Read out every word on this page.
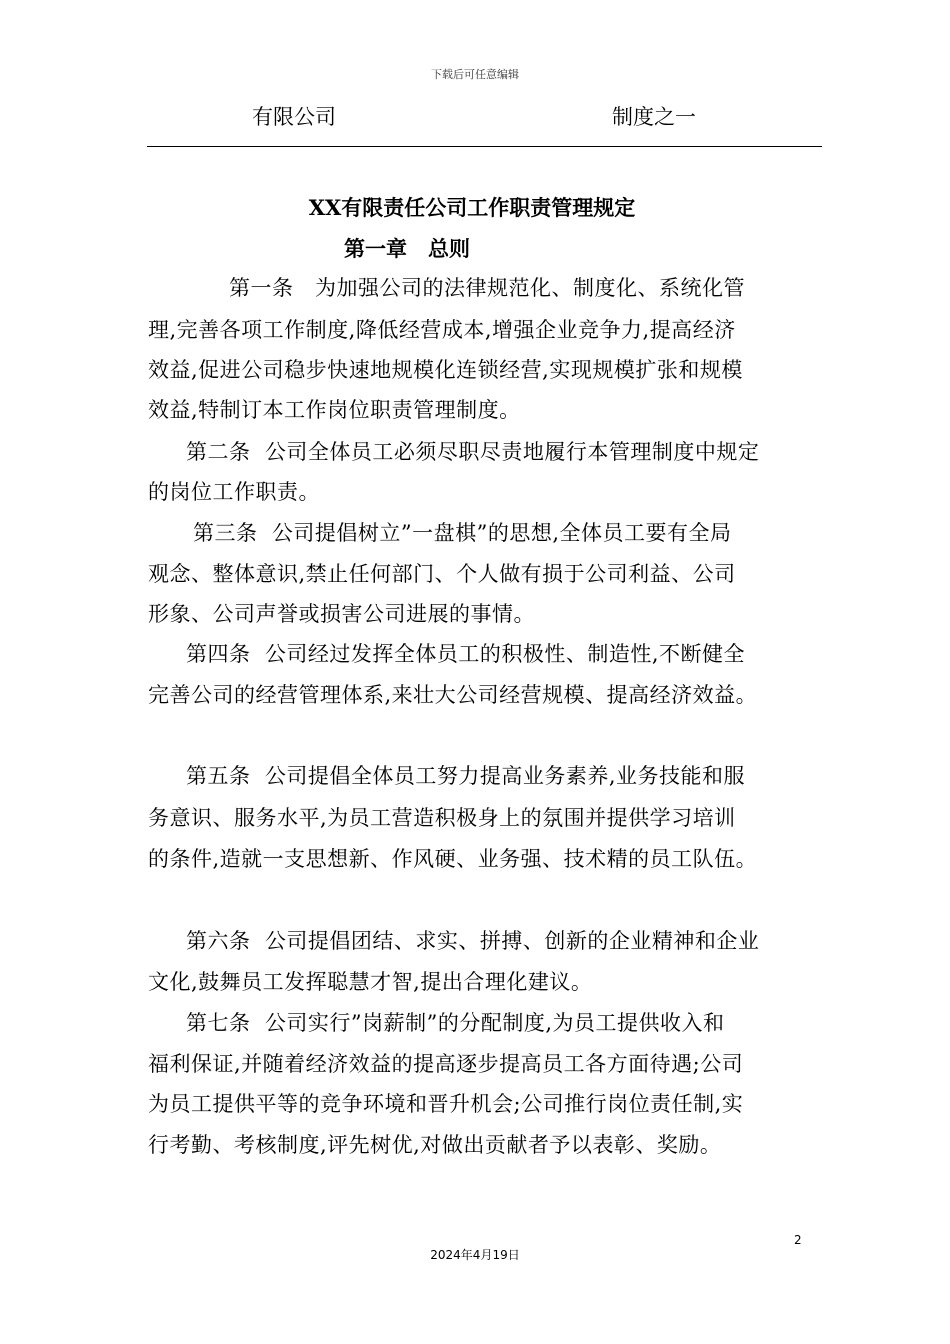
下载后可任意编辑
有限公司	制度之一
XX有限责任公司工作职责管理规定
第一章　总则
第一条　为加强公司的法律规范化、制度化、系统化管
理,完善各项工作制度,降低经营成本,增强企业竞争力,提高经济
效益,促进公司稳步快速地规模化连锁经营,实现规模扩张和规模
效益,特制订本工作岗位职责管理制度。
第二条  公司全体员工必须尽职尽责地履行本管理制度中规定
的岗位工作职责。
第三条  公司提倡树立”一盘棋”的思想,全体员工要有全局
观念、整体意识,禁止任何部门、个人做有损于公司利益、公司
形象、公司声誉或损害公司进展的事情。
第四条  公司经过发挥全体员工的积极性、制造性,不断健全
完善公司的经营管理体系,来壮大公司经营规模、提高经济效益。
第五条  公司提倡全体员工努力提高业务素养,业务技能和服
务意识、服务水平,为员工营造积极身上的氛围并提供学习培训
的条件,造就一支思想新、作风硬、业务强、技术精的员工队伍。
第六条  公司提倡团结、求实、拼搏、创新的企业精神和企业
文化,鼓舞员工发挥聪慧才智,提出合理化建议。
第七条  公司实行”岗薪制”的分配制度,为员工提供收入和
福利保证,并随着经济效益的提高逐步提高员工各方面待遇;公司
为员工提供平等的竞争环境和晋升机会;公司推行岗位责任制,实
行考勤、考核制度,评先树优,对做出贡献者予以表彰、奖励。
2
2024年4月19日
